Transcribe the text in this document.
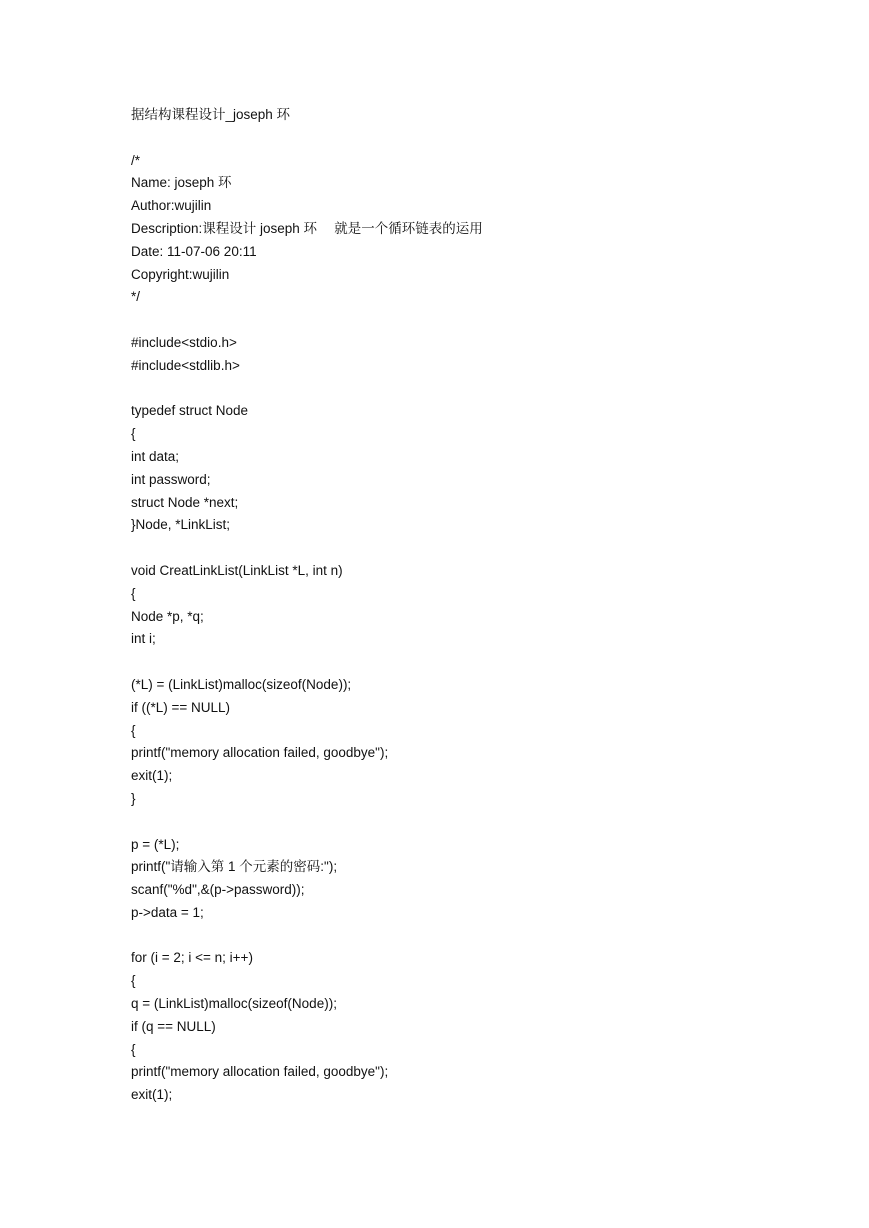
据结构课程设计_joseph 环
/*
Name: joseph 环
Author:wujilin
Description:课程设计 joseph 环　 就是一个循环链表的运用
Date: 11-07-06 20:11
Copyright:wujilin
*/
#include<stdio.h>
#include<stdlib.h>
typedef struct Node
{
int data;
int password;
struct Node *next;
}Node, *LinkList;
void CreatLinkList(LinkList *L, int n)
{
Node *p, *q;
int i;
(*L) = (LinkList)malloc(sizeof(Node));
if ((*L) == NULL)
{
printf("memory allocation failed, goodbye");
exit(1);
}
p = (*L);
printf("请输入第 1 个元素的密码:");
scanf("%d",&(p->password));
p->data = 1;
for (i = 2; i <= n; i++)
{
q = (LinkList)malloc(sizeof(Node));
if (q == NULL)
{
printf("memory allocation failed, goodbye");
exit(1);
